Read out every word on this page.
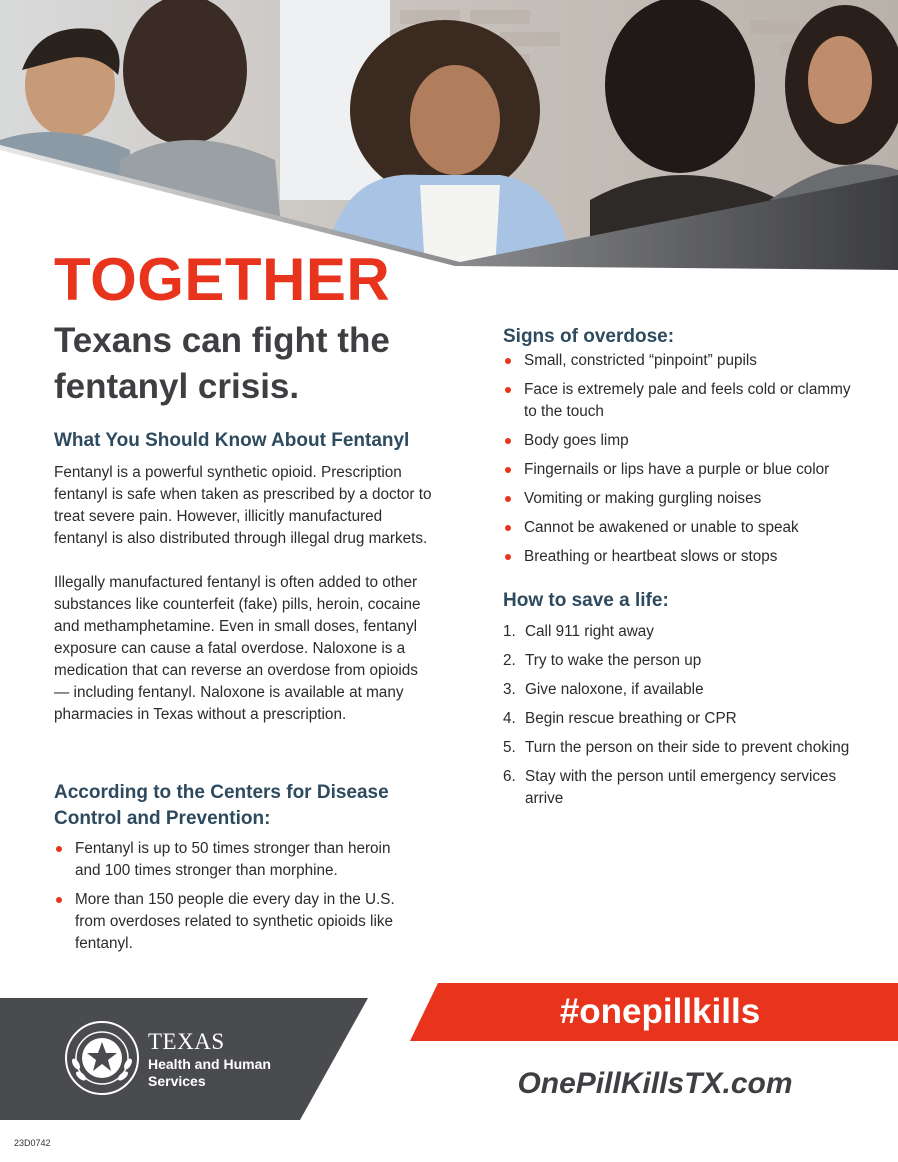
TOGETHER
Texans can fight the
fentanyl crisis.
What You Should Know About Fentanyl

Fentanyl is a powerful synthetic opioid. Prescription fentanyl is safe when taken as prescribed by a doctor to treat severe pain. However, illicitly manufactured fentanyl is also distributed through illegal drug markets.

Illegally manufactured fentanyl is often added to other substances like counterfeit (fake) pills, heroin, cocaine and methamphetamine. Even in small doses, fentanyl exposure can cause a fatal overdose. Naloxone is a medication that can reverse an overdose from opioids — including fentanyl. Naloxone is available at many pharmacies in Texas without a prescription.

According to the Centers for Disease
Control and Prevention:
Fentanyl is up to 50 times stronger than heroin and 100 times stronger than morphine.
More than 150 people die every day in the U.S. from overdoses related to synthetic opioids like fentanyl.
Signs of overdose:
Small, constricted “pinpoint” pupils
Face is extremely pale and feels cold or clammy to the touch
Body goes limp
Fingernails or lips have a purple or blue color
Vomiting or making gurgling noises
Cannot be awakened or unable to speak
Breathing or heartbeat slows or stops
How to save a life:
1. Call 911 right away
2. Try to wake the person up
3. Give naloxone, if available
4. Begin rescue breathing or CPR
5. Turn the person on their side to prevent choking
6. Stay with the person until emergency services arrive
TEXAS
Health and Human
Services
#onepillkills
OnePillKillsTX.com
23D0742
